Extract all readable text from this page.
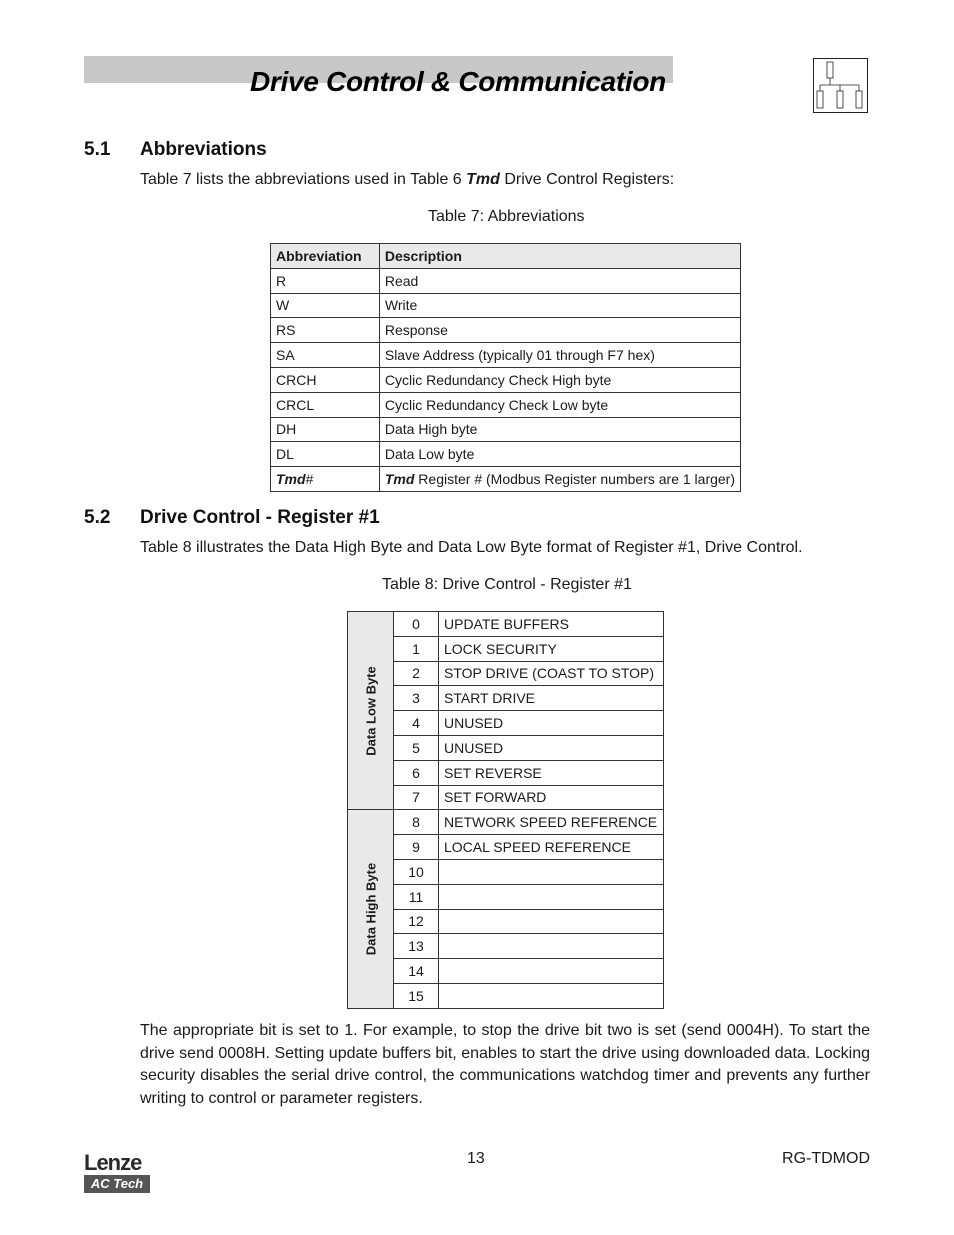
Drive Control & Communication
5.1 Abbreviations
Table 7 lists the abbreviations used in Table 6 Tmd Drive Control Registers:
Table 7: Abbreviations
Abbreviation	Description
R	Read
W	Write
RS	Response
SA	Slave Address (typically 01 through F7 hex)
CRCH	Cyclic Redundancy Check High byte
CRCL	Cyclic Redundancy Check Low byte
DH	Data High byte
DL	Data Low byte
Tmd#	Tmd Register # (Modbus Register numbers are 1 larger)
5.2 Drive Control - Register #1
Table 8 illustrates the Data High Byte and Data Low Byte format of Register #1, Drive Control.
Table 8: Drive Control - Register #1
Data Low Byte	0	UPDATE BUFFERS
	1	LOCK SECURITY
	2	STOP DRIVE (COAST TO STOP)
	3	START DRIVE
	4	UNUSED
	5	UNUSED
	6	SET REVERSE
	7	SET FORWARD

Data High Byte	8	NETWORK SPEED REFERENCE
	9	LOCAL SPEED REFERENCE
	10	
	11	
	12	
	13	
	14	
	15	
The appropriate bit is set to 1. For example, to stop the drive bit two is set (send 0004H). To start the drive send 0008H. Setting update buffers bit, enables to start the drive using downloaded data. Locking security disables the serial drive control, the communications watchdog timer and prevents any further writing to control or parameter registers.
Lenze
AC Tech
13	RG-TDMOD
